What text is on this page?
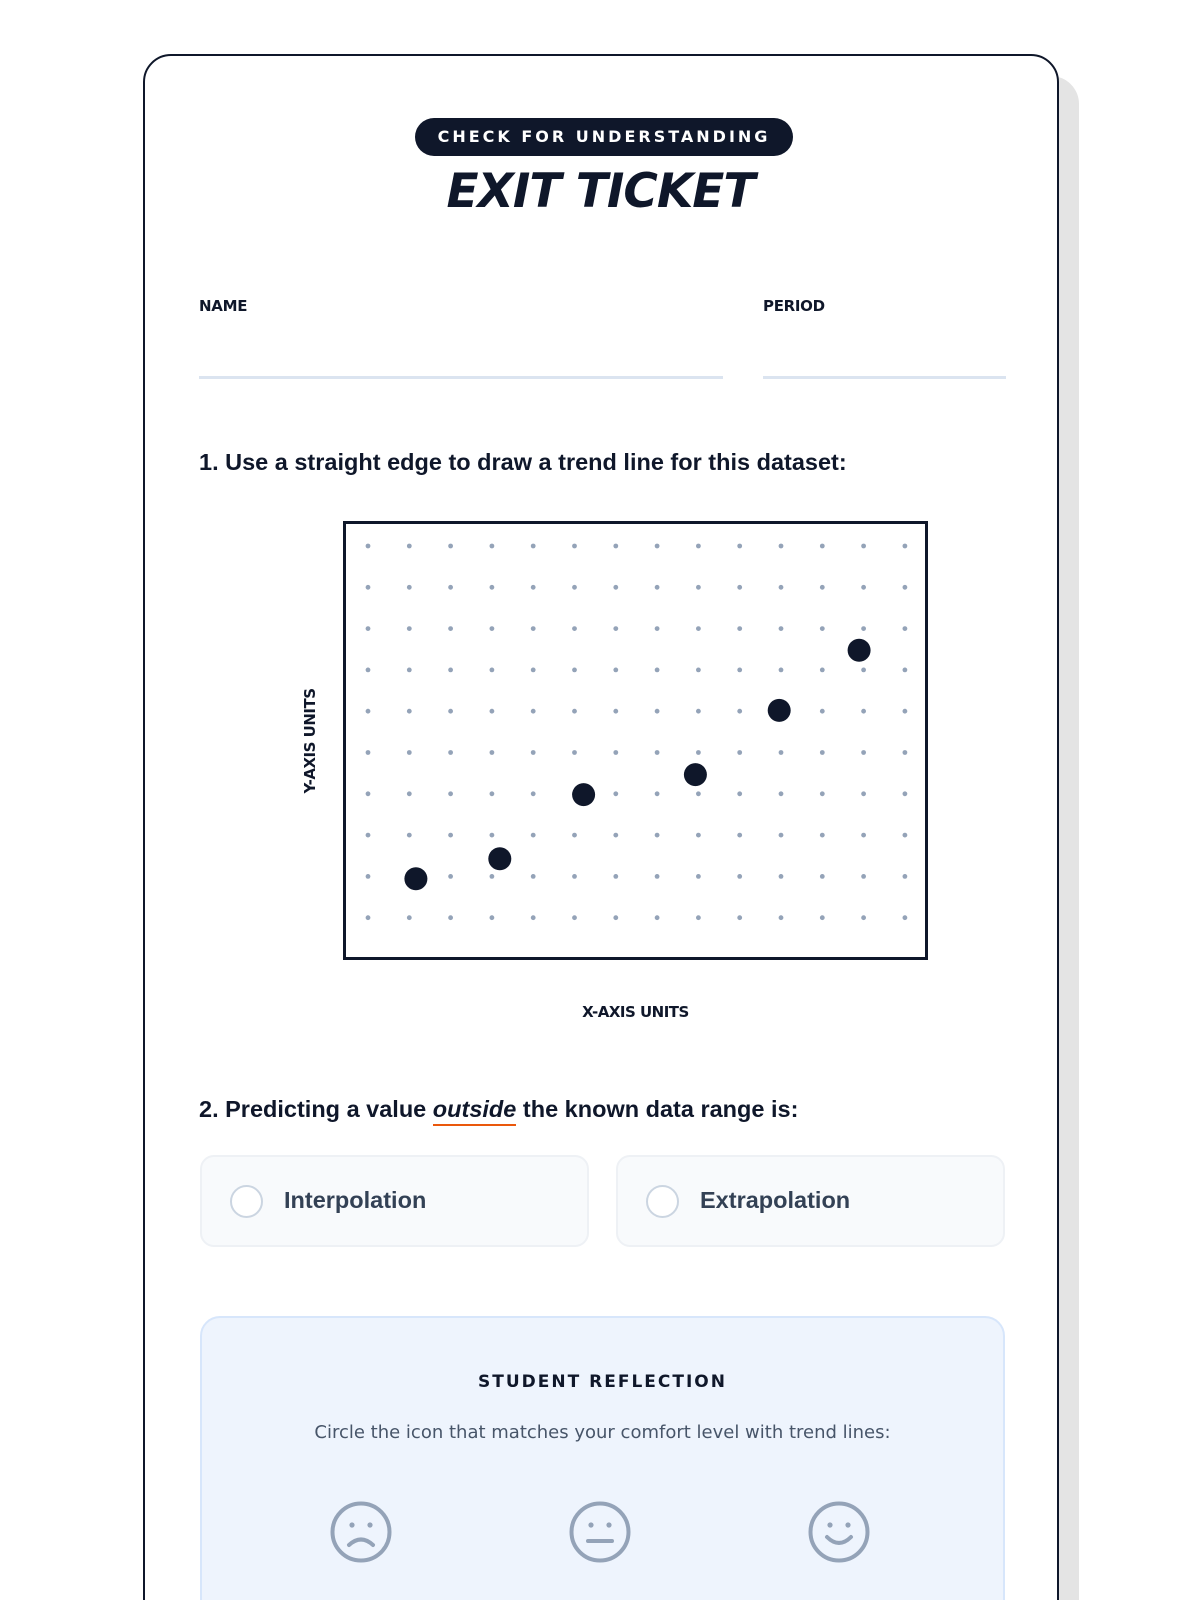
CHECK FOR UNDERSTANDING
EXIT TICKET
NAME	PERIOD
1. Use a straight edge to draw a trend line for this dataset:
Y-AXIS UNITS
X-AXIS UNITS
2. Predicting a value outside the known data range is:
Interpolation	Extrapolation
STUDENT REFLECTION
Circle the icon that matches your comfort level with trend lines:
